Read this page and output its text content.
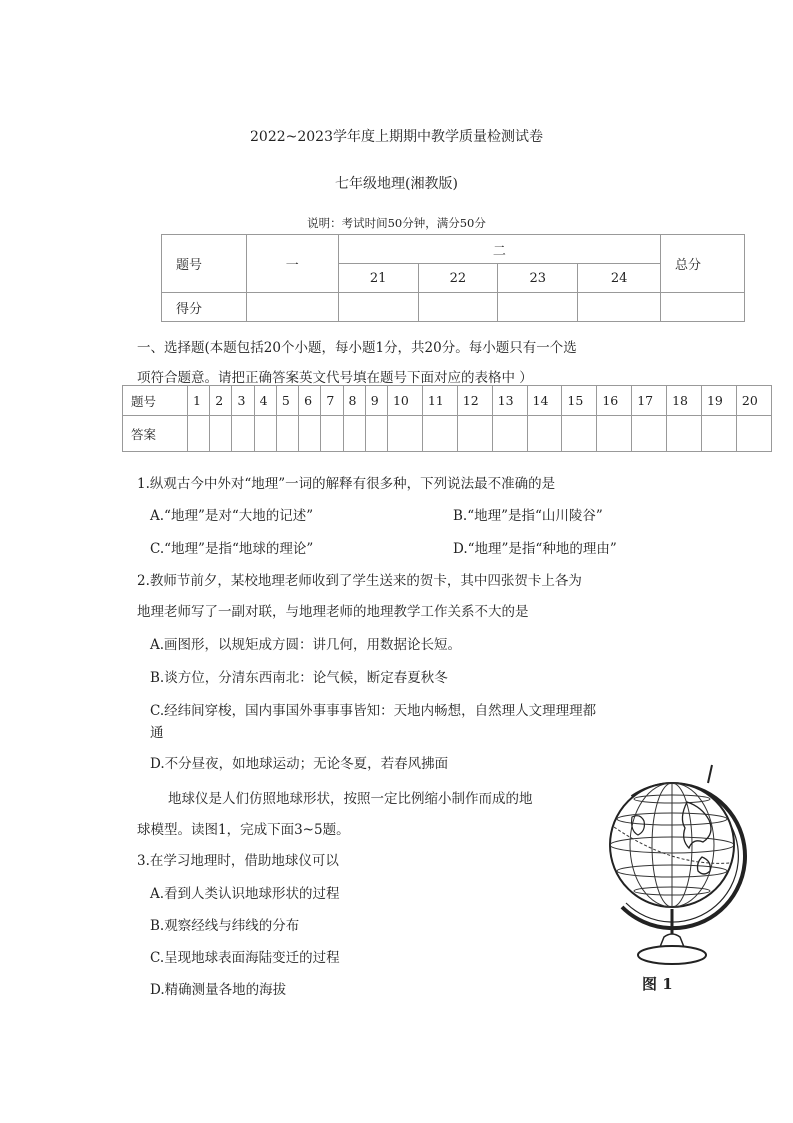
2022~2023学年度上期期中教学质量检测试卷
七年级地理(湘教版)
说明：考试时间50分钟，满分50分
题号	一	二				总分
		21	22	23	24	
得分						
一、选择题(本题包括20个小题，每小题1分，共20分。每小题只有一个选
项符合题意。请把正确答案英文代号填在题号下面对应的表格中 ）
题号	1	2	3	4	5	6	7	8	9	10	11	12	13	14	15	16	17	18	19	20
答案																				
1.纵观古今中外对“地理”一词的解释有很多种，下列说法最不准确的是
A.“地理”是对“大地的记述”	B.“地理”是指“山川陵谷”
C.“地理”是指“地球的理论”	D.“地理”是指“种地的理由”
2.教师节前夕，某校地理老师收到了学生送来的贺卡，其中四张贺卡上各为
地理老师写了一副对联，与地理老师的地理教学工作关系不大的是
A.画图形，以规矩成方圆：讲几何，用数据论长短。
B.谈方位，分清东西南北：论气候，断定春夏秋冬
C.经纬间穿梭，国内事国外事事事皆知：天地内畅想，自然理人文理理理都
通
D.不分昼夜，如地球运动；无论冬夏，若春风拂面
地球仪是人们仿照地球形状，按照一定比例缩小制作而成的地
球模型。读图1，完成下面3~5题。
3.在学习地理时，借助地球仪可以
A.看到人类认识地球形状的过程
B.观察经线与纬线的分布
C.呈现地球表面海陆变迁的过程
D.精确测量各地的海拔	图 1
